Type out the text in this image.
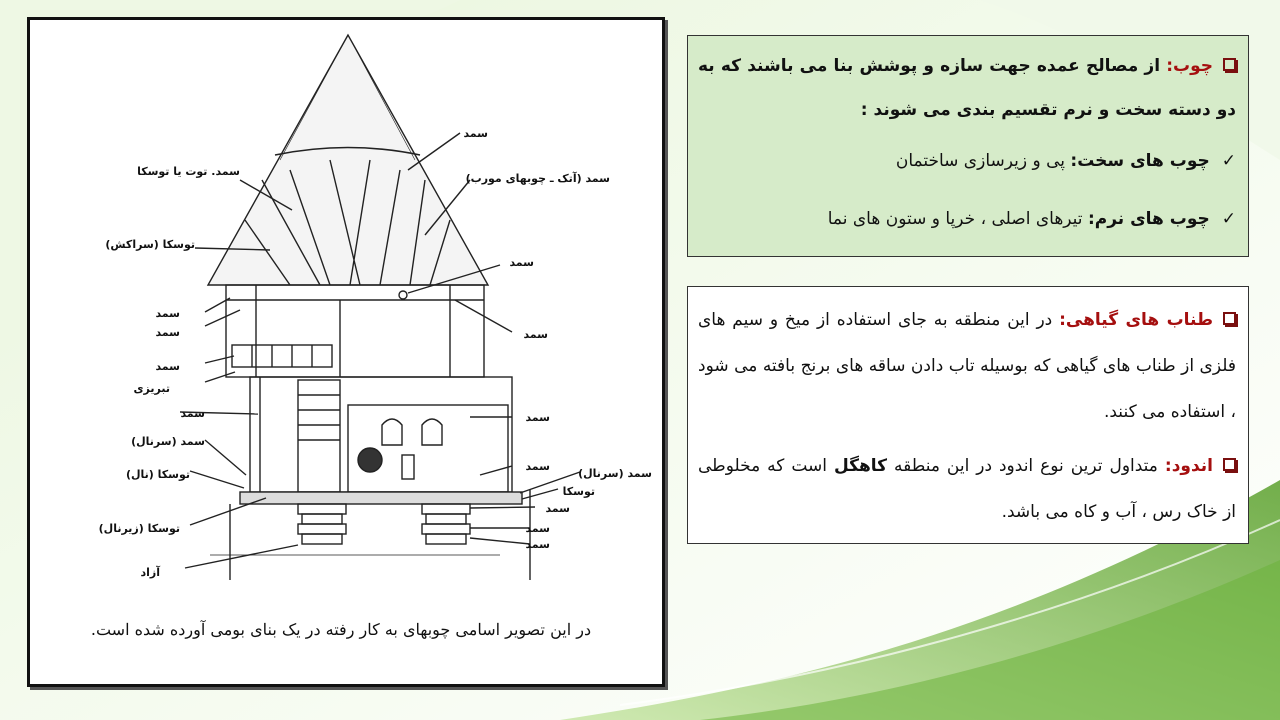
سمد
سمد. توت یا توسکا
سمد (آتک ـ چوبهای مورب)
توسکا (سراکش)
سمد
سمد
سمد	سمد
سمد
تبریزی
سمد	سمد
سمد (سرنال)
سمد
توسکا (نال)	سمد (سرنال)
توسکا
سمد
توسکا (زیرنال)	سمد
سمد
آزاد
در این تصویر اسامی چوبهای به کار رفته در یک بنای بومی آورده شده است.

چوب: از مصالح عمده جهت سازه و پوشش بنا می باشند که به دو دسته سخت و نرم تقسیم بندی می شوند :

✓چوب های سخت: پی و زیرسازی ساختمان

✓چوب های نرم: تیرهای اصلی ، خرپا و ستون های نما

طناب های گیاهی: در این منطقه به جای استفاده از میخ و سیم های فلزی از طناب های گیاهی که بوسیله تاب دادن ساقه های برنج بافته می شود ، استفاده می کنند.

اندود: متداول ترین نوع اندود در این منطقه کاهگل است که مخلوطی از خاک رس ، آب و کاه می باشد.
